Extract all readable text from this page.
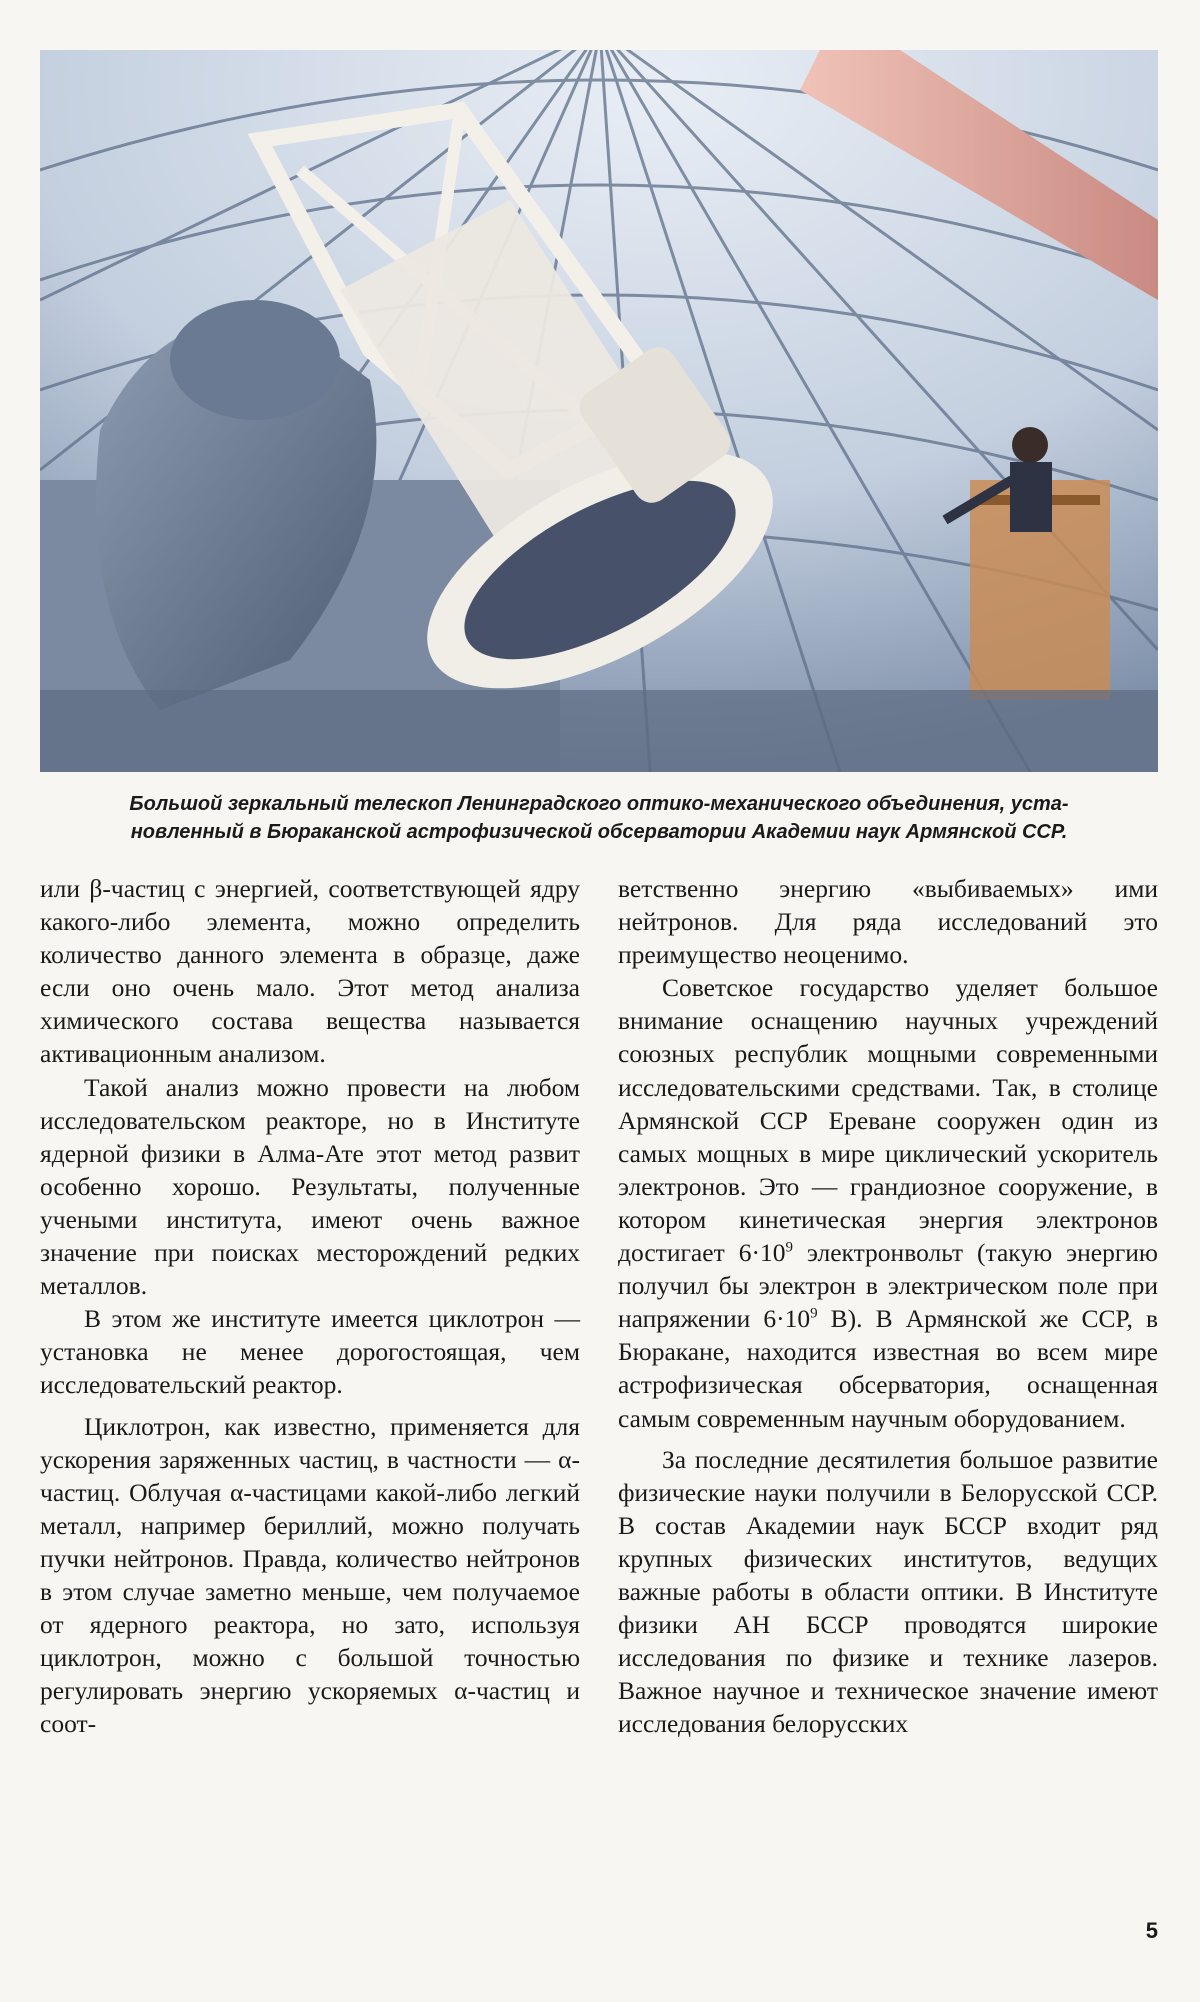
Большой зеркальный телескоп Ленинградского оптико-механического объединения, уста-
новленный в Бюраканской астрофизической обсерватории Академии наук Армянской ССР.

или β-частиц с энергией, соответствующей ядру какого-либо элемента, можно определить количество данного элемента в образце, даже если оно очень мало. Этот метод анализа химического состава вещества называется активационным анализом.

Такой анализ можно провести на любом исследовательском реакторе, но в Институте ядерной физики в Алма-Ате этот метод развит особенно хорошо. Результаты, полученные учеными института, имеют очень важное значение при поисках месторождений редких металлов.

В этом же институте имеется циклотрон — установка не менее дорогостоящая, чем исследовательский реактор.

Циклотрон, как известно, применяется для ускорения заряженных частиц, в частности — α-частиц. Облучая α-частицами какой-либо легкий металл, например бериллий, можно получать пучки нейтронов. Правда, количество нейтронов в этом случае заметно меньше, чем получаемое от ядерного реактора, но зато, используя циклотрон, можно с большой точностью регулировать энергию ускоряемых α-частиц и соот-

ветственно энергию «выбиваемых» ими нейтронов. Для ряда исследований это преимущество неоценимо.

Советское государство уделяет большое внимание оснащению научных учреждений союзных республик мощными современными исследовательскими средствами. Так, в столице Армянской ССР Ереване сооружен один из самых мощных в мире циклический ускоритель электронов. Это — грандиозное сооружение, в котором кинетическая энергия электронов достигает $6\cdot 10^9$ электронвольт (такую энергию получил бы электрон в электрическом поле при напряжении $6\cdot 10^9$ В). В Армянской же ССР, в Бюракане, находится известная во всем мире астрофизическая обсерватория, оснащенная самым современным научным оборудованием.

За последние десятилетия большое развитие физические науки получили в Белорусской ССР. В состав Академии наук БССР входит ряд крупных физических институтов, ведущих важные работы в области оптики. В Институте физики АН БССР проводятся широкие исследования по физике и технике лазеров. Важное научное и техническое значение имеют исследования белорусских

5
